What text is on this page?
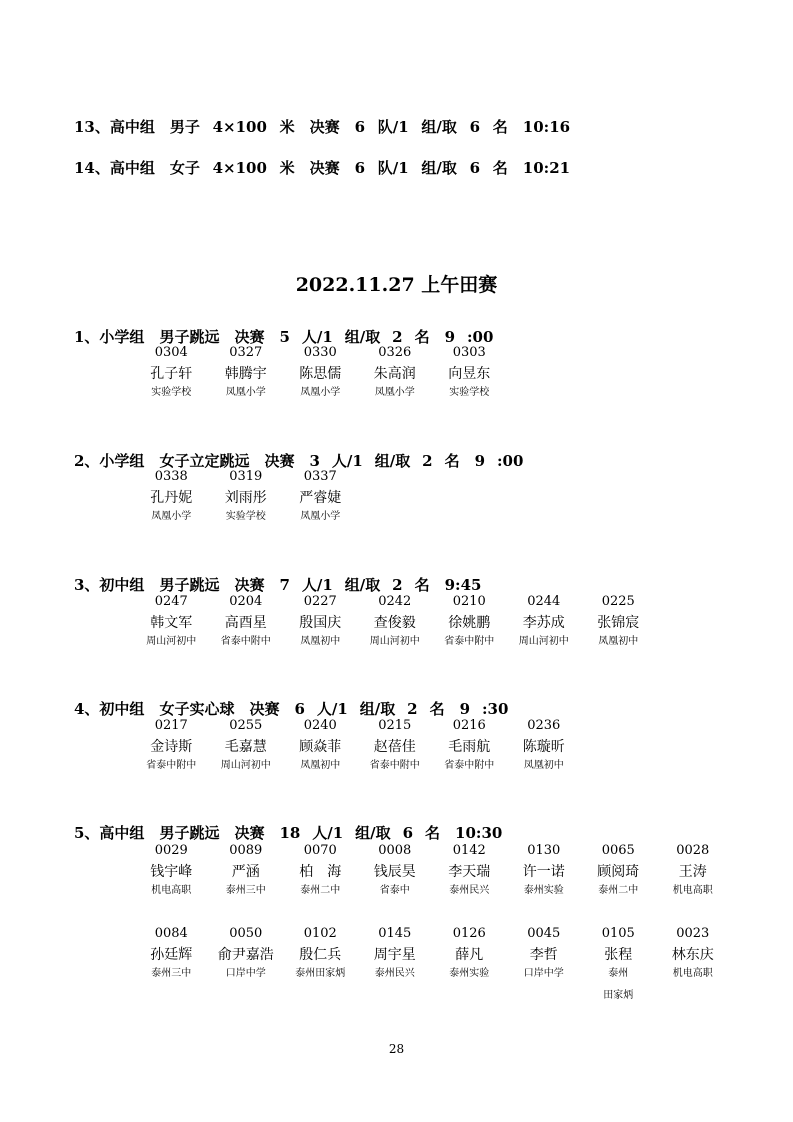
13、高中组　男子 4×100 米　决赛　6 队/1 组/取 6 名　10:16
14、高中组　女子 4×100 米　决赛　6 队/1 组/取 6 名　10:21
2022.11.27 上午田赛
1、小学组　男子跳远　决赛　5 人/1 组/取 2 名　9 :00
0304
孔子轩
实验学校
0327
韩腾宇
凤凰小学
0330
陈思儒
凤凰小学
0326
朱高润
凤凰小学
0303
向昱东
实验学校
2、小学组　女子立定跳远　决赛　3 人/1 组/取 2 名　9 :00
0338
孔丹妮
凤凰小学
0319
刘雨彤
实验学校
0337
严睿婕
凤凰小学
3、初中组　男子跳远　决赛　7 人/1 组/取 2 名　9:45
0247
韩文军
周山河初中
0204
高酉星
省泰中附中
0227
殷国庆
凤凰初中
0242
查俊毅
周山河初中
0210
徐姚鹏
省泰中附中
0244
李苏成
周山河初中
0225
张锦宸
凤凰初中
4、初中组　女子实心球　决赛　6 人/1 组/取 2 名　9 :30
0217
金诗斯
省泰中附中
0255
毛嘉慧
周山河初中
0240
顾焱菲
凤凰初中
0215
赵蓓佳
省泰中附中
0216
毛雨航
省泰中附中
0236
陈璇昕
凤凰初中
5、高中组　男子跳远　决赛　18 人/1 组/取 6 名　10:30
0029
钱宇峰
机电高职
0089
严涵
泰州三中
0070
柏　海
泰州二中
0008
钱辰昊
省泰中
0142
李天瑞
泰州民兴
0130
许一诺
泰州实验
0065
顾阅琦
泰州二中
0028
王涛
机电高职
0084
孙廷辉
泰州三中
0050
俞尹嘉浩
口岸中学
0102
殷仁兵
泰州田家炳
0145
周宇星
泰州民兴
0126
薛凡
泰州实验
0045
李哲
口岸中学
0105
张程
泰州
田家炳
0023
林东庆
机电高职
28
